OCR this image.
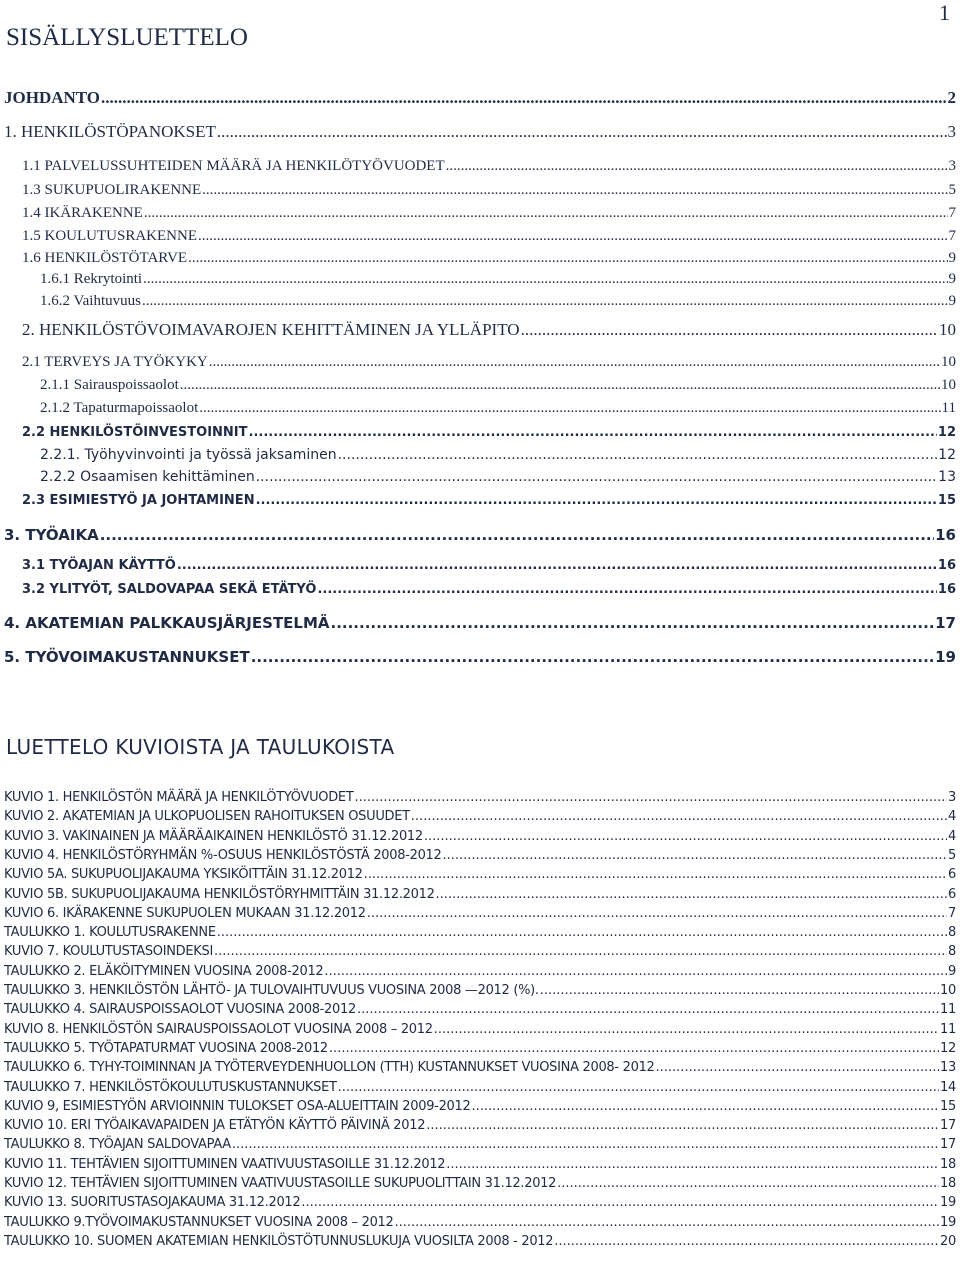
1
SISÄLLYSLUETTELO
LUETTELO KUVIOISTA JA TAULUKOISTA
JOHDANTO .....	2
1. HENKILÖSTÖPANOKSET .....	3
1.1 PALVELUSSUHTEIDEN MÄÄRÄ JA HENKILÖTYÖVUODET .....	3
1.3 SUKUPUOLIRAKENNE .....	5
1.4 IKÄRAKENNE .....	7
1.5 KOULUTUSRAKENNE .....	7
1.6 HENKILÖSTÖTARVE .....	9
1.6.1 Rekrytointi .....	9
1.6.2 Vaihtuvuus .....	9
2. HENKILÖSTÖVOIMAVAROJEN KEHITTÄMINEN JA YLLÄPITO .....	10
2.1 TERVEYS JA TYÖKYKY .....	10
2.1.1 Sairauspoissaolot .....	10
2.1.2 Tapaturmapoissaolot .....	11
2.2 HENKILÖSTÖINVESTOINNIT .....	12
2.2.1. Työhyvinvointi ja työssä jaksaminen .....	12
2.2.2 Osaamisen kehittäminen .....	13
2.3 ESIMIESTYÖ JA JOHTAMINEN .....	15
3. TYÖAIKA .....	16
3.1 TYÖAJAN KÄYTTÖ .....	16
3.2 YLITYÖT, SALDOVAPAA SEKÄ ETÄTYÖ .....	16
4. AKATEMIAN PALKKAUSJÄRJESTELMÄ .....	17
5. TYÖVOIMAKUSTANNUKSET .....	19
KUVIO 1. HENKILÖSTÖN MÄÄRÄ JA HENKILÖTYÖVUODET .....	3
KUVIO 2. AKATEMIAN JA ULKOPUOLISEN RAHOITUKSEN OSUUDET .....	4
KUVIO 3. VAKINAINEN JA MÄÄRÄAIKAINEN HENKILÖSTÖ 31.12.2012 .....	4
KUVIO 4. HENKILÖSTÖRYHMÄN %-OSUUS HENKILÖSTÖSTÄ 2008-2012 .....	5
KUVIO 5A. SUKUPUOLIJAKAUMA YKSIKÖITTÄIN 31.12.2012 .....	6
KUVIO 5B. SUKUPUOLIJAKAUMA HENKILÖSTÖRYHMITTÄIN 31.12.2012 .....	6
KUVIO 6. IKÄRAKENNE SUKUPUOLEN MUKAAN 31.12.2012 .....	7
TAULUKKO 1. KOULUTUSRAKENNE .....	8
KUVIO 7. KOULUTUSTASOINDEKSI .....	8
TAULUKKO 2. ELÄKÖITYMINEN VUOSINA 2008-2012 .....	9
TAULUKKO 3. HENKILÖSTÖN LÄHTÖ- JA TULOVAIHTUVUUS VUOSINA 2008 —2012 (%). .....	10
TAULUKKO 4. SAIRAUSPOISSAOLOT VUOSINA 2008-2012 .....	11
KUVIO 8. HENKILÖSTÖN SAIRAUSPOISSAOLOT VUOSINA 2008 – 2012 .....	11
TAULUKKO 5. TYÖTAPATURMAT VUOSINA 2008-2012 .....	12
TAULUKKO 6. TYHY-TOIMINNAN JA TYÖTERVEYDENHUOLLON (TTH) KUSTANNUKSET VUOSINA 2008- 2012 .....	13
TAULUKKO 7. HENKILÖSTÖKOULUTUSKUSTANNUKSET .....	14
KUVIO 9, ESIMIESTYÖN ARVIOINNIN TULOKSET OSA-ALUEITTAIN 2009-2012 .....	15
KUVIO 10. ERI TYÖAIKAVAPAIDEN JA ETÄTYÖN KÄYTTÖ PÄIVINÄ 2012 .....	17
TAULUKKO 8. TYÖAJAN SALDOVAPAA .....	17
KUVIO 11. TEHTÄVIEN SIJOITTUMINEN VAATIVUUSTASOILLE 31.12.2012 .....	18
KUVIO 12. TEHTÄVIEN SIJOITTUMINEN VAATIVUUSTASOILLE SUKUPUOLITTAIN 31.12.2012 .....	18
KUVIO 13. SUORITUSTASOJAKAUMA 31.12.2012 .....	19
TAULUKKO 9.TYÖVOIMAKUSTANNUKSET VUOSINA 2008 – 2012 .....	19
TAULUKKO 10. SUOMEN AKATEMIAN HENKILÖSTÖTUNNUSLUKUJA VUOSILTA 2008 - 2012 .....	20
